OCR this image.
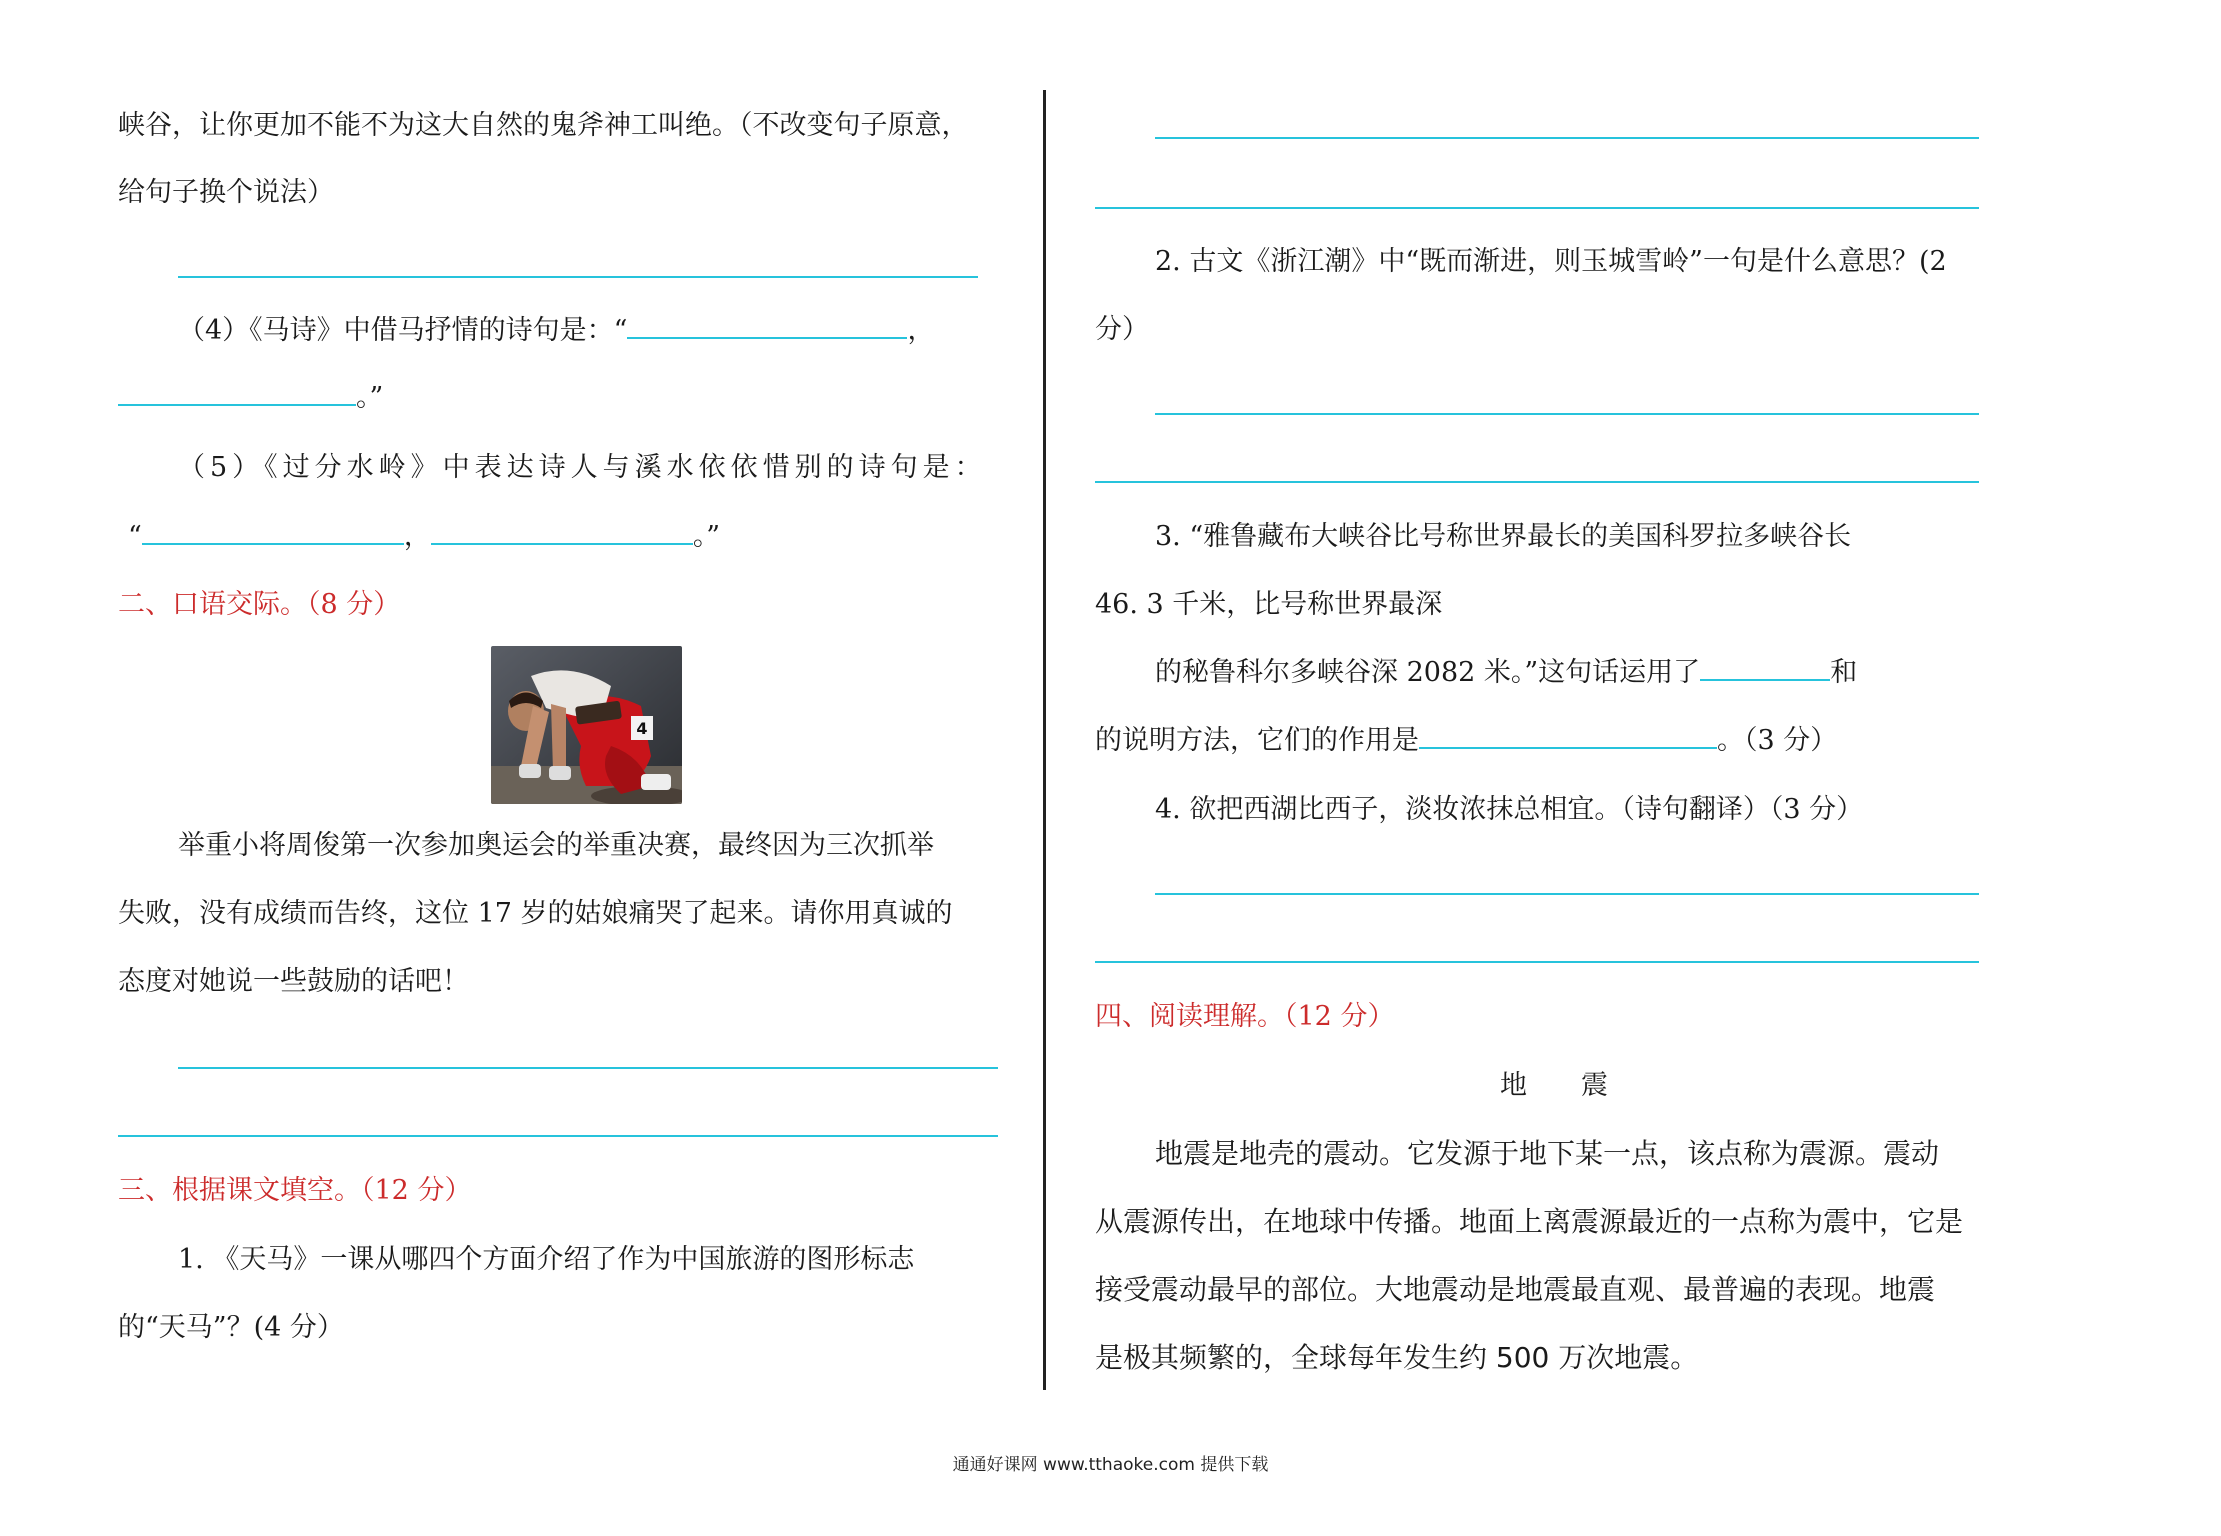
峡谷，让你更加不能不为这大自然的鬼斧神工叫绝。（不改变句子原意，
给句子换个说法）
（4）《马诗》中借马抒情的诗句是：“	，
。”
（5）《过分水岭》中表达诗人与溪水依依惜别的诗句是：
“	，	。”
二、口语交际。（8 分）
4
举重小将周俊第一次参加奥运会的举重决赛，最终因为三次抓举
失败，没有成绩而告终，这位 17 岁的姑娘痛哭了起来。请你用真诚的
态度对她说一些鼓励的话吧！
三、根据课文填空。（12 分）
1. 《天马》一课从哪四个方面介绍了作为中国旅游的图形标志
的“天马”？(4 分）
2. 古文《浙江潮》中“既而渐进，则玉城雪岭”一句是什么意思？(2
分）
3. “雅鲁藏布大峡谷比号称世界最长的美国科罗拉多峡谷长
46. 3 千米，比号称世界最深
的秘鲁科尔多峡谷深 2082 米。”这句话运用了	和
的说明方法，它们的作用是	。（3 分）
4. 欲把西湖比西子，淡妆浓抹总相宜。（诗句翻译）（3 分）
四、阅读理解。（12 分）
地　　震
地震是地壳的震动。它发源于地下某一点，该点称为震源。震动
从震源传出，在地球中传播。地面上离震源最近的一点称为震中，它是
接受震动最早的部位。大地震动是地震最直观、最普遍的表现。地震
是极其频繁的，全球每年发生约 500 万次地震。
通通好课网 www.tthaoke.com 提供下载
